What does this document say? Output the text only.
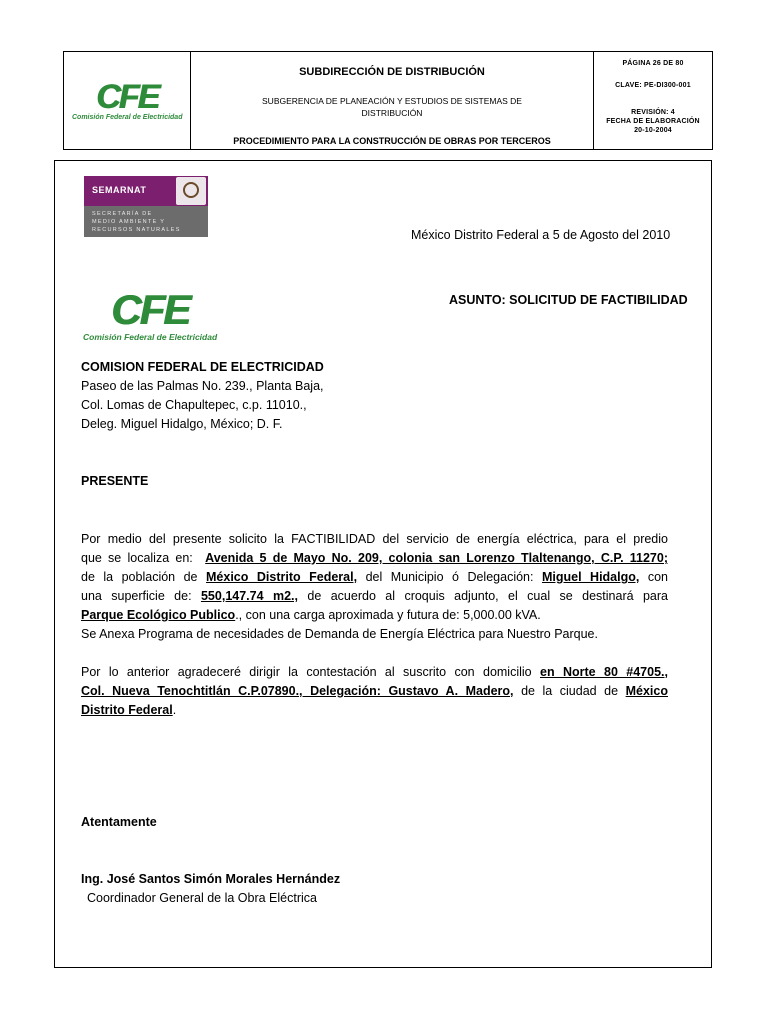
CFE
Comisión Federal de Electricidad
SUBDIRECCIÓN DE DISTRIBUCIÓN
SUBGERENCIA DE PLANEACIÓN Y ESTUDIOS DE SISTEMAS DE
DISTRIBUCIÓN
PROCEDIMIENTO PARA LA CONSTRUCCIÓN DE OBRAS POR TERCEROS
PÁGINA 26 DE 80
CLAVE: PE-DI300-001
REVISIÓN: 4
FECHA DE ELABORACIÓN
20-10-2004
SEMARNAT
SECRETARÍA DE
MEDIO AMBIENTE Y
RECURSOS NATURALES	México Distrito Federal a 5 de Agosto del 2010
CFE
Comisión Federal de Electricidad
ASUNTO: SOLICITUD DE FACTIBILIDAD
COMISION FEDERAL DE ELECTRICIDAD
Paseo de las Palmas No. 239., Planta Baja,
Col. Lomas de Chapultepec, c.p. 11010.,
Deleg. Miguel Hidalgo, México; D. F.
PRESENTE
Por medio del presente solicito la FACTIBILIDAD del servicio de energía eléctrica, para el predio
que se localiza en: Avenida 5 de Mayo No. 209, colonia san Lorenzo Tlaltenango, C.P. 11270;
de la población de México Distrito Federal, del Municipio ó Delegación: Miguel Hidalgo, con
una superficie de: 550,147.74 m2., de acuerdo al croquis adjunto, el cual se destinará para
Parque Ecológico Publico., con una carga aproximada y futura de: 5,000.00 kVA.
Se Anexa Programa de necesidades de Demanda de Energía Eléctrica para Nuestro Parque.
Por lo anterior agradeceré dirigir la contestación al suscrito con domicilio en Norte 80 #4705.,
Col. Nueva Tenochtitlán C.P.07890., Delegación: Gustavo A. Madero, de la ciudad de México
Distrito Federal.
Atentamente
Ing. José Santos Simón Morales Hernández
Coordinador General de la Obra Eléctrica
